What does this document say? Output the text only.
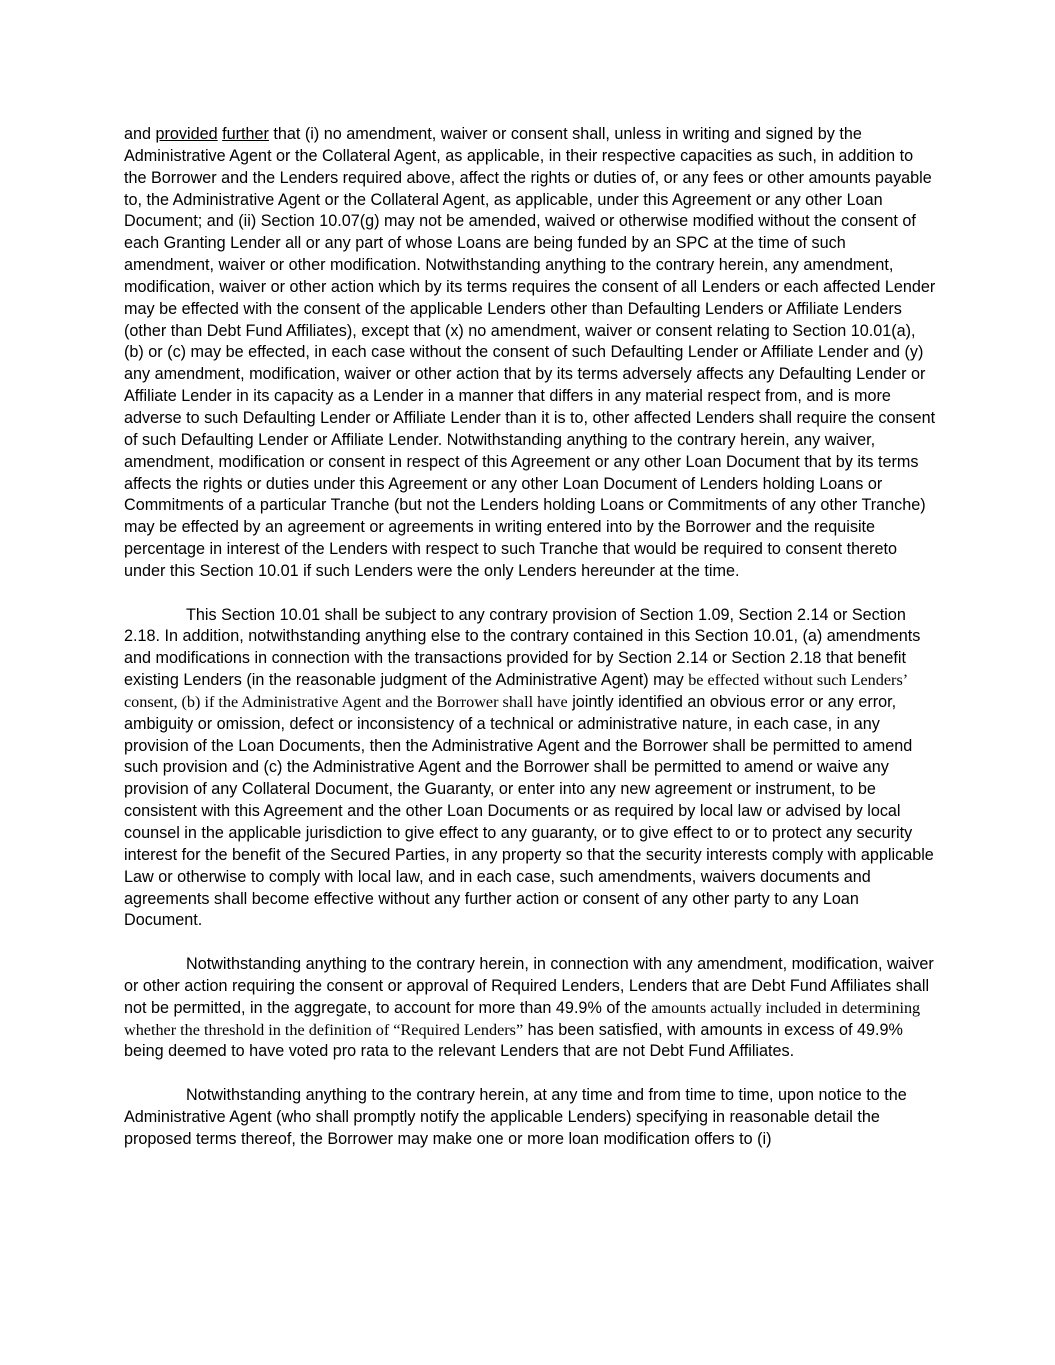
and provided further that (i) no amendment, waiver or consent shall, unless in writing and signed by the Administrative Agent or the Collateral Agent, as applicable, in their respective capacities as such, in addition to the Borrower and the Lenders required above, affect the rights or duties of, or any fees or other amounts payable to, the Administrative Agent or the Collateral Agent, as applicable, under this Agreement or any other Loan Document; and (ii) Section 10.07(g) may not be amended, waived or otherwise modified without the consent of each Granting Lender all or any part of whose Loans are being funded by an SPC at the time of such amendment, waiver or other modification. Notwithstanding anything to the contrary herein, any amendment, modification, waiver or other action which by its terms requires the consent of all Lenders or each affected Lender may be effected with the consent of the applicable Lenders other than Defaulting Lenders or Affiliate Lenders (other than Debt Fund Affiliates), except that (x) no amendment, waiver or consent relating to Section 10.01(a), (b) or (c) may be effected, in each case without the consent of such Defaulting Lender or Affiliate Lender and (y) any amendment, modification, waiver or other action that by its terms adversely affects any Defaulting Lender or Affiliate Lender in its capacity as a Lender in a manner that differs in any material respect from, and is more adverse to such Defaulting Lender or Affiliate Lender than it is to, other affected Lenders shall require the consent of such Defaulting Lender or Affiliate Lender. Notwithstanding anything to the contrary herein, any waiver, amendment, modification or consent in respect of this Agreement or any other Loan Document that by its terms affects the rights or duties under this Agreement or any other Loan Document of Lenders holding Loans or Commitments of a particular Tranche (but not the Lenders holding Loans or Commitments of any other Tranche) may be effected by an agreement or agreements in writing entered into by the Borrower and the requisite percentage in interest of the Lenders with respect to such Tranche that would be required to consent thereto under this Section 10.01 if such Lenders were the only Lenders hereunder at the time.

This Section 10.01 shall be subject to any contrary provision of Section 1.09, Section 2.14 or Section 2.18. In addition, notwithstanding anything else to the contrary contained in this Section 10.01, (a) amendments and modifications in connection with the transactions provided for by Section 2.14 or Section 2.18 that benefit existing Lenders (in the reasonable judgment of the Administrative Agent) may be effected without such Lenders’ consent, (b) if the Administrative Agent and the Borrower shall have jointly identified an obvious error or any error, ambiguity or omission, defect or inconsistency of a technical or administrative nature, in each case, in any provision of the Loan Documents, then the Administrative Agent and the Borrower shall be permitted to amend such provision and (c) the Administrative Agent and the Borrower shall be permitted to amend or waive any provision of any Collateral Document, the Guaranty, or enter into any new agreement or instrument, to be consistent with this Agreement and the other Loan Documents or as required by local law or advised by local counsel in the applicable jurisdiction to give effect to any guaranty, or to give effect to or to protect any security interest for the benefit of the Secured Parties, in any property so that the security interests comply with applicable Law or otherwise to comply with local law, and in each case, such amendments, waivers documents and agreements shall become effective without any further action or consent of any other party to any Loan Document.

Notwithstanding anything to the contrary herein, in connection with any amendment, modification, waiver or other action requiring the consent or approval of Required Lenders, Lenders that are Debt Fund Affiliates shall not be permitted, in the aggregate, to account for more than 49.9% of the amounts actually included in determining whether the threshold in the definition of “Required Lenders” has been satisfied, with amounts in excess of 49.9% being deemed to have voted pro rata to the relevant Lenders that are not Debt Fund Affiliates.

Notwithstanding anything to the contrary herein, at any time and from time to time, upon notice to the Administrative Agent (who shall promptly notify the applicable Lenders) specifying in reasonable detail the proposed terms thereof, the Borrower may make one or more loan modification offers to (i)
